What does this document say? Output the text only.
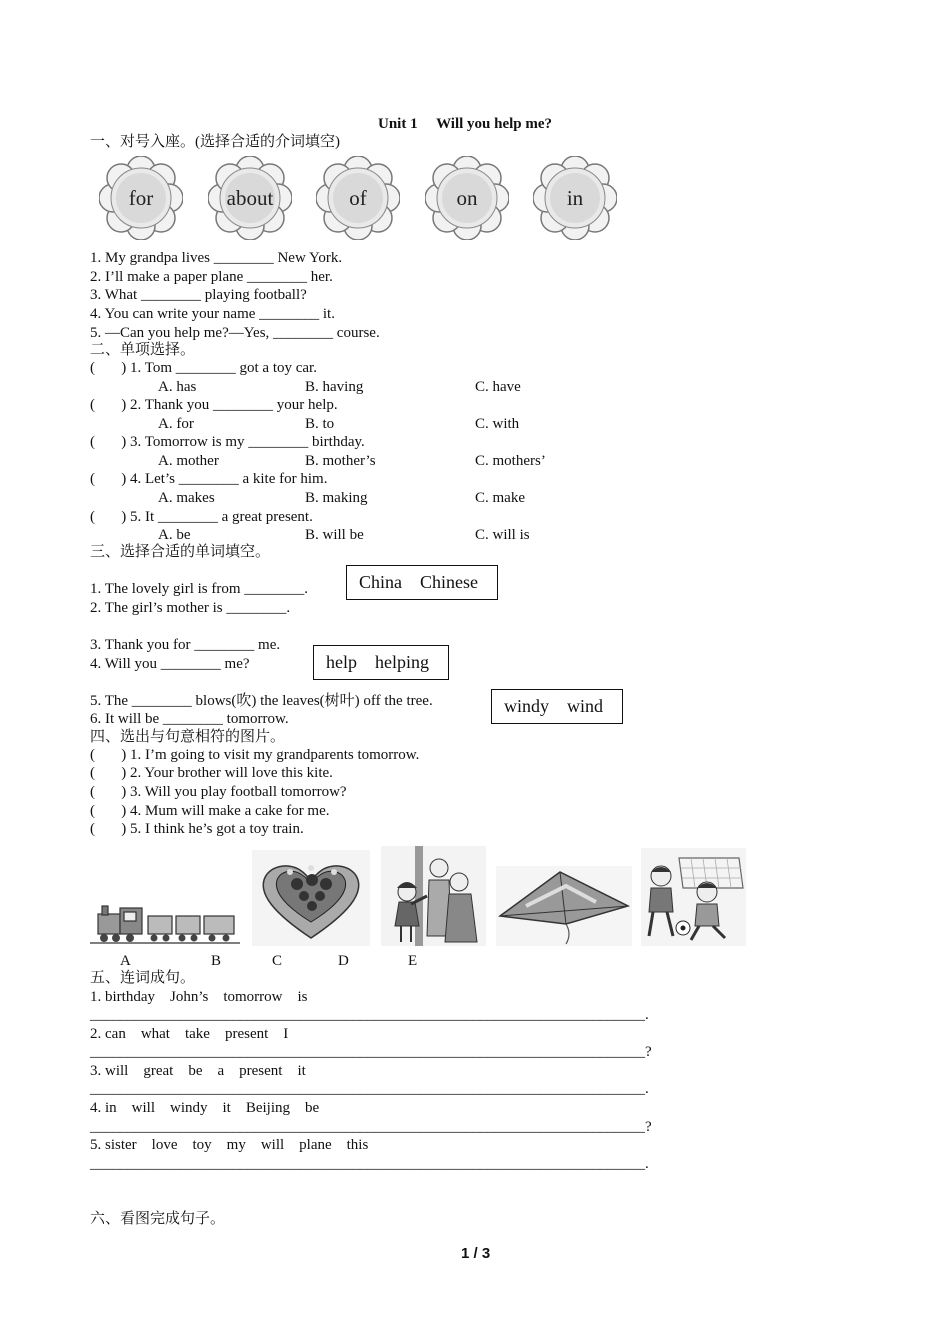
Unit 1     Will you help me?
一、对号入座。(选择合适的介词填空)
for	about	of	on	in
1. My grandpa lives ________ New York.
2. I’ll make a paper plane ________ her.
3. What ________ playing football?
4. You can write your name ________ it.
5. —Can you help me?—Yes, ________ course.
二、单项选择。
(       ) 1. Tom ________ got a toy car.
A. has	B. having	C. have
(       ) 2. Thank you ________ your help.
A. for	B. to	C. with
(       ) 3. Tomorrow is my ________ birthday.
A. mother	B. mother’s	C. mothers’
(       ) 4. Let’s ________ a kite for him.
A. makes	B. making	C. make
(       ) 5. It ________ a great present.
A. be	B. will be	C. will is
三、选择合适的单词填空。
1. The lovely girl is from ________.
2. The girl’s mother is ________.
China    Chinese
3. Thank you for ________ me.
4. Will you ________ me?	help    helping
5. The ________ blows(吹) the leaves(树叶) off the tree.
6. It will be ________ tomorrow.
windy    wind
四、选出与句意相符的图片。
(       ) 1. I’m going to visit my grandparents tomorrow.
(       ) 2. Your brother will love this kite.
(       ) 3. Will you play football tomorrow?
(       ) 4. Mum will make a cake for me.
(       ) 5. I think he’s got a toy train.
A	B	C	D	E
五、连词成句。
1. birthday    John’s    tomorrow    is
__________________________________________________________________________.
2. can    what    take    present    I
__________________________________________________________________________?
3. will    great    be    a    present    it
__________________________________________________________________________.
4. in    will    windy    it    Beijing    be
__________________________________________________________________________?
5. sister    love    toy    my    will    plane    this
__________________________________________________________________________.
六、看图完成句子。
1 / 3
